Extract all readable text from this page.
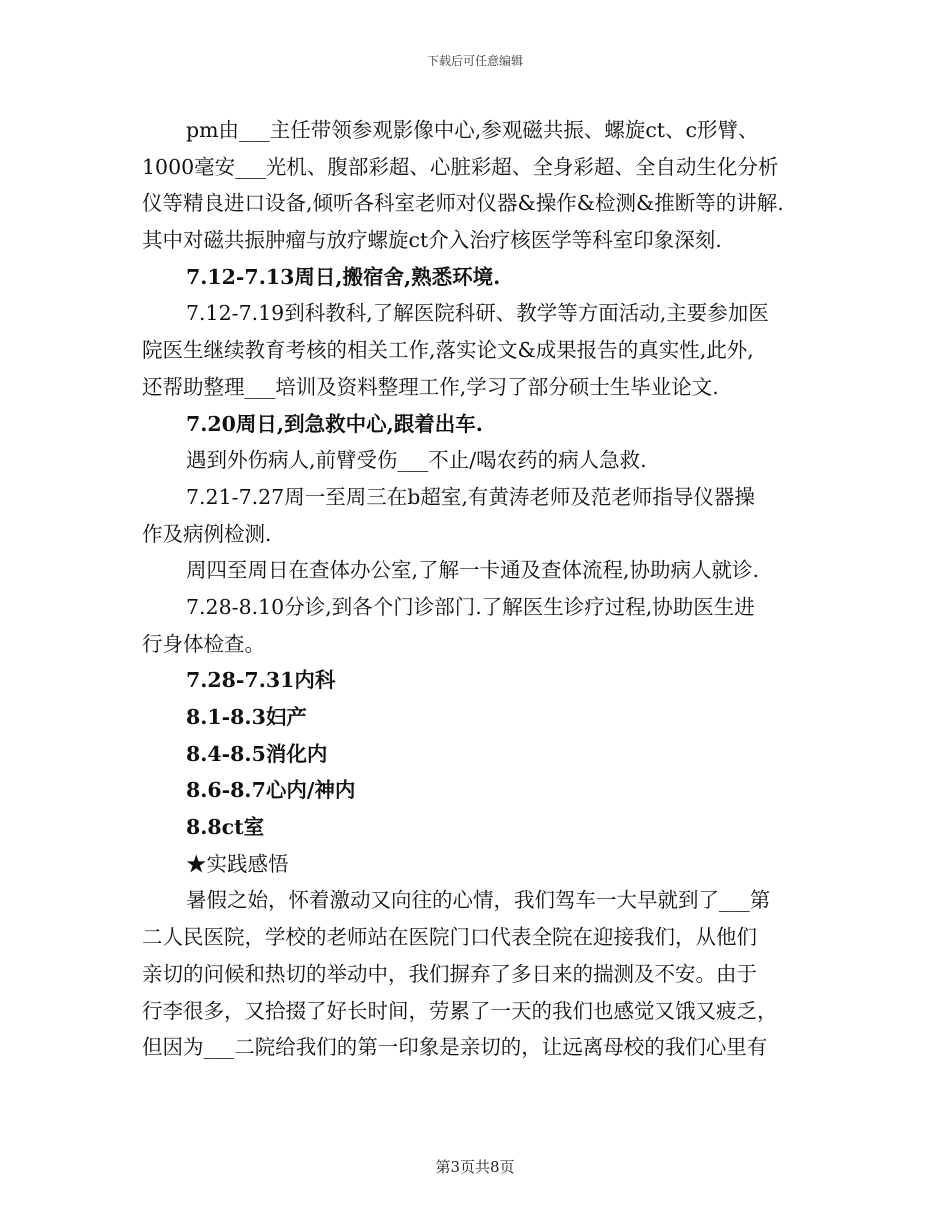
下载后可任意编辑
pm由___主任带领参观影像中心,参观磁共振、螺旋ct、c形臂、
1000毫安___光机、腹部彩超、心脏彩超、全身彩超、全自动生化分析
仪等精良进口设备,倾听各科室老师对仪器&操作&检测&推断等的讲解.
其中对磁共振肿瘤与放疗螺旋ct介入治疗核医学等科室印象深刻.
7.12-7.13周日,搬宿舍,熟悉环境.
7.12-7.19到科教科,了解医院科研、教学等方面活动,主要参加医
院医生继续教育考核的相关工作,落实论文&成果报告的真实性,此外,
还帮助整理___培训及资料整理工作,学习了部分硕士生毕业论文.
7.20周日,到急救中心,跟着出车.
遇到外伤病人,前臂受伤___不止/喝农药的病人急救.
7.21-7.27周一至周三在b超室,有黄涛老师及范老师指导仪器操
作及病例检测.
周四至周日在查体办公室,了解一卡通及查体流程,协助病人就诊.
7.28-8.10分诊,到各个门诊部门.了解医生诊疗过程,协助医生进
行身体检查。
7.28-7.31内科
8.1-8.3妇产
8.4-8.5消化内
8.6-8.7心内/神内
8.8ct室
★实践感悟
暑假之始，怀着激动又向往的心情，我们驾车一大早就到了___第
二人民医院，学校的老师站在医院门口代表全院在迎接我们，从他们
亲切的问候和热切的举动中，我们摒弃了多日来的揣测及不安。由于
行李很多，又拾掇了好长时间，劳累了一天的我们也感觉又饿又疲乏，
但因为___二院给我们的第一印象是亲切的，让远离母校的我们心里有
第3页共8页
